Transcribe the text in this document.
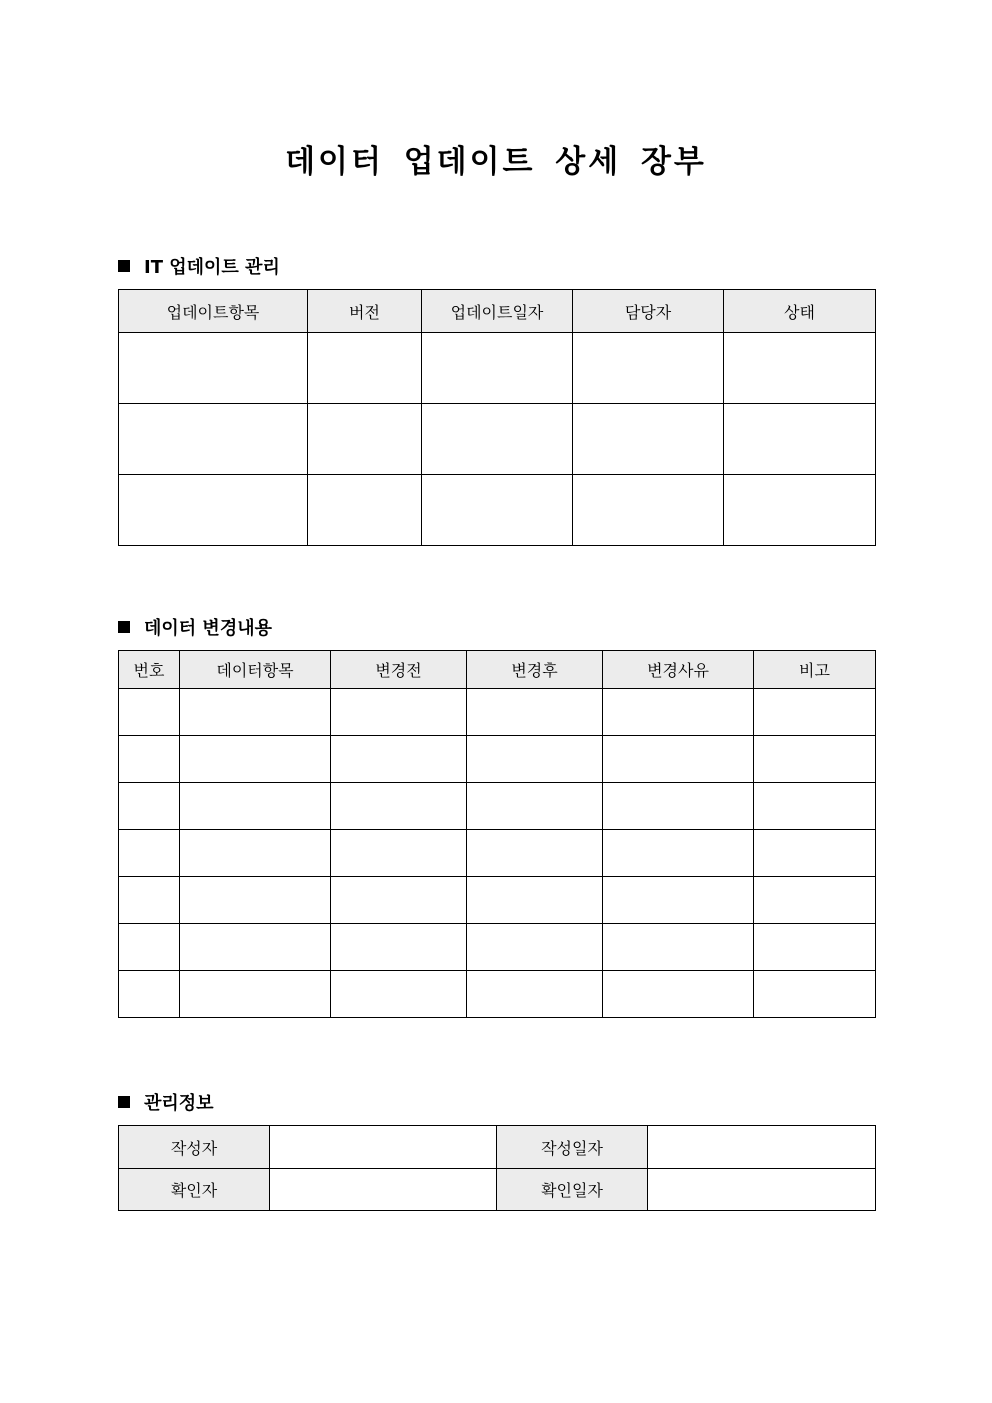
데이터 업데이트 상세 장부
IT 업데이트 관리
업데이트항목	버전	업데이트일자	담당자	상태

데이터 변경내용
번호	데이터항목	변경전	변경후	변경사유	비고

관리정보
작성자		작성일자	
확인자		확인일자	
